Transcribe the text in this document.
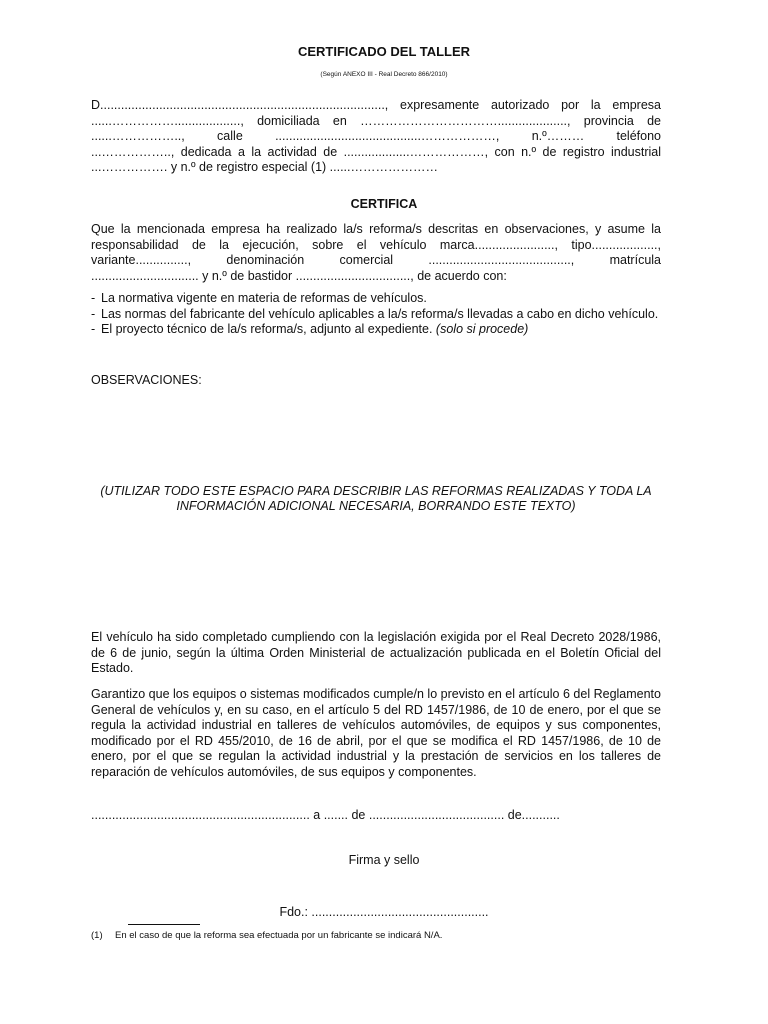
CERTIFICADO DEL TALLER
(Según ANEXO III - Real Decreto 866/2010)
D.................................................................................., expresamente autorizado por la empresa
......……………..................., domiciliada en ……………………………...................., provincia de
......…………….., calle ..........................................………………, n.º……… teléfono
...…………….., dedicada a la actividad de ...................………………, con n.º de registro industrial
...……………. y n.º de registro especial (1) ......…………………
CERTIFICA
Que la mencionada empresa ha realizado la/s reforma/s descritas en observaciones, y asume la
responsabilidad de la ejecución, sobre el vehículo marca......................., tipo...................,
variante..............., denominación comercial ........................................., matrícula
............................... y n.º de bastidor ................................., de acuerdo con:
- La normativa vigente en materia de reformas de vehículos.
- Las normas del fabricante del vehículo aplicables a la/s reforma/s llevadas a cabo en dicho vehículo.
- El proyecto técnico de la/s reforma/s, adjunto al expediente. (solo si procede)
OBSERVACIONES:
(UTILIZAR TODO ESTE ESPACIO PARA DESCRIBIR LAS REFORMAS REALIZADAS Y TODA LA INFORMACIÓN ADICIONAL NECESARIA, BORRANDO ESTE TEXTO)
El vehículo ha sido completado cumpliendo con la legislación exigida por el Real Decreto 2028/1986, de 6 de junio, según la última Orden Ministerial de actualización publicada en el Boletín Oficial del Estado.
Garantizo que los equipos o sistemas modificados cumple/n lo previsto en el artículo 6 del Reglamento General de vehículos y, en su caso, en el artículo 5 del RD 1457/1986, de 10 de enero, por el que se regula la actividad industrial en talleres de vehículos automóviles, de equipos y sus componentes, modificado por el RD 455/2010, de 16 de abril, por el que se modifica el RD 1457/1986, de 10 de enero, por el que se regulan la actividad industrial y la prestación de servicios en los talleres de reparación de vehículos automóviles, de sus equipos y componentes.
............................................................... a ....... de ....................................... de...........
Firma y sello
Fdo.: ...................................................
(1) En el caso de que la reforma sea efectuada por un fabricante se indicará N/A.
